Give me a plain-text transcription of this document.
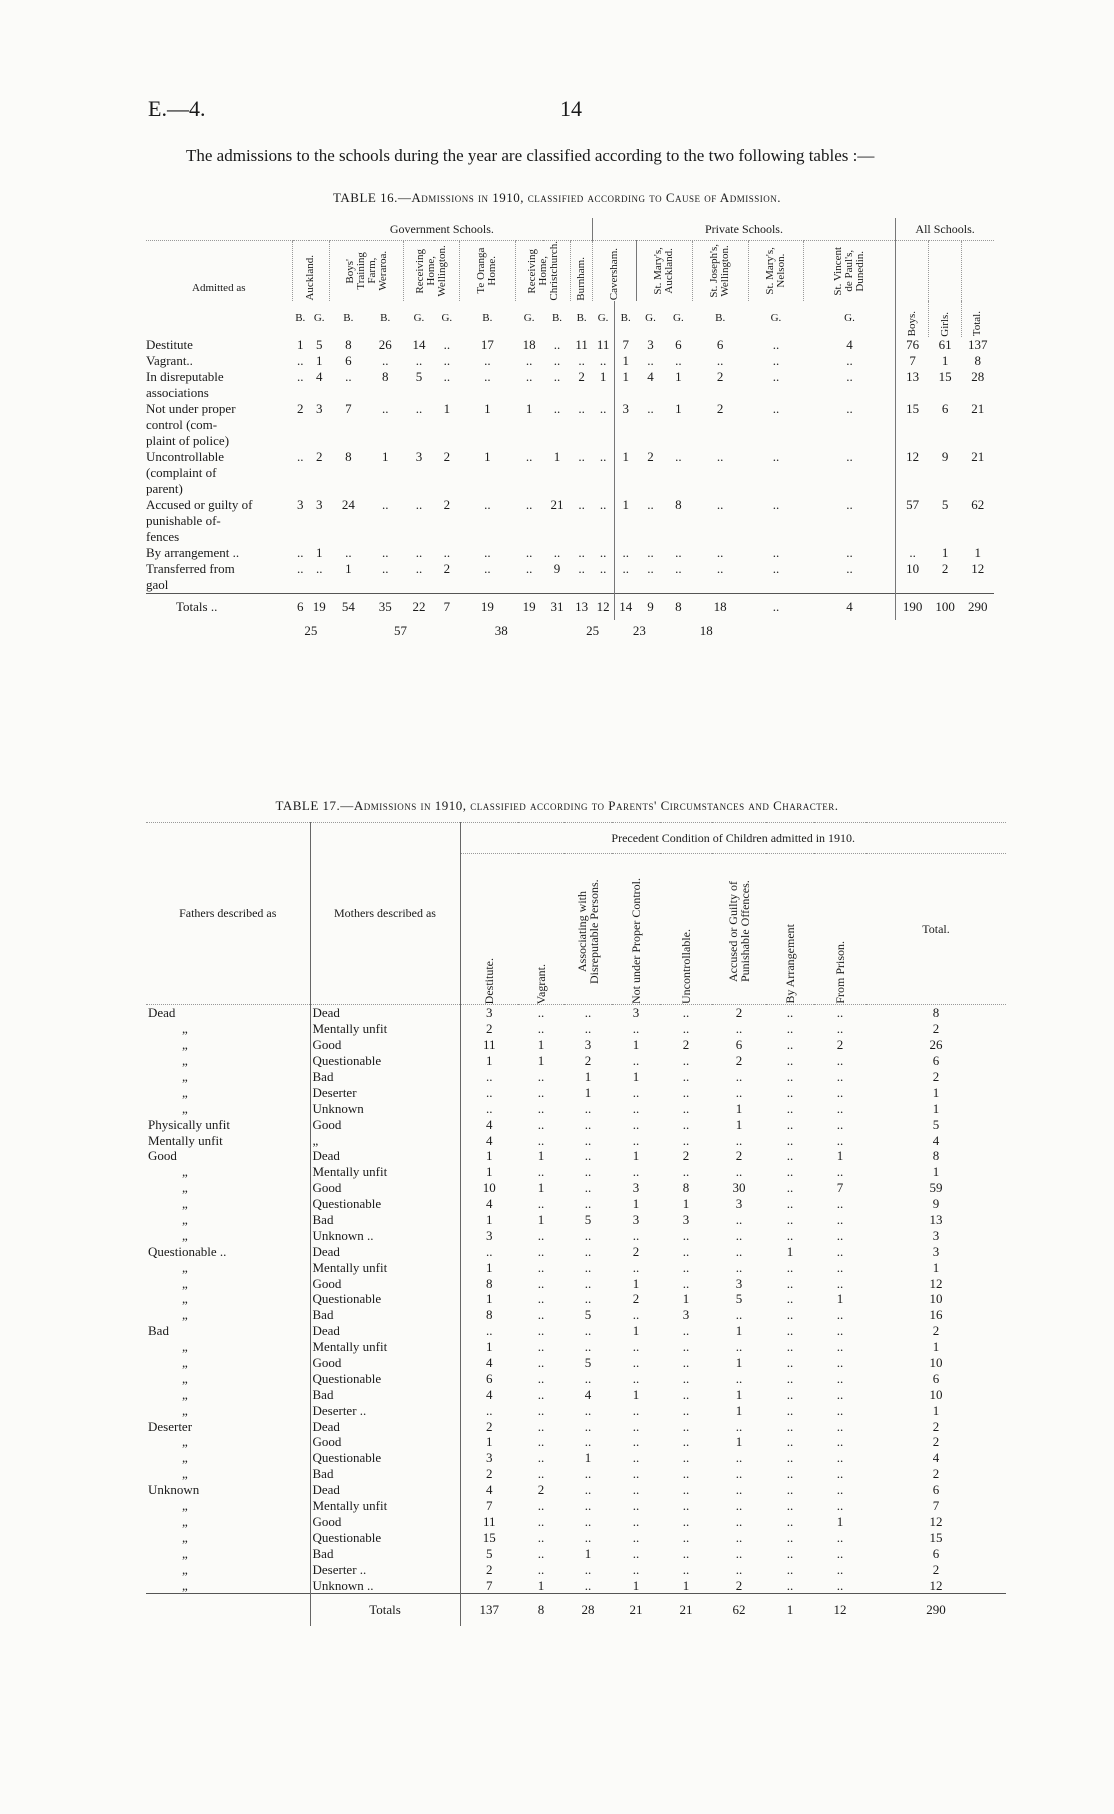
E.—4.	14
The admissions to the schools during the year are classified according to the two following tables :—
TABLE 16.—Admissions in 1910, classified according to Cause of Admission.
	Government Schools.										Private Schools.							All Schools.		
Admitted as	Auckland.		Boys' Training Farm, Weraroa.		Receiving Home, Wellington.		Te Oranga Home.	Receiving Home, Christchurch.		Burnham.	Caversham.		St. Mary's, Auckland.		St. Joseph's, Wellington.	St. Mary's, Nelson.	St. Vincent de Paul's, Dunedin.	Boys.	Girls.	Total.

	B.	G.	B.	B.	G.	G.	B.	G.	B.	B.	G.	B.	G.	G.	B.	G.	G.			
Destitute	1	5	8	26	14	..	17	18	..	11	11	7	3	6	6	..	4	76	61	137
Vagrant..	..	1	6	..	..	..	..	..	..	..	..	1	..	..	..	..	..	7	1	8
In disreputable	..	4	..	8	5	..	..	..	..	2	1	1	4	1	2	..	..	13	15	28
associations																				
Not under proper	2	3	7	..	..	1	1	1	..	..	..	3	..	1	2	..	..	15	6	21
control (com-																				
plaint of police)																				
Uncontrollable	..	2	8	1	3	2	1	..	1	..	..	1	2	..	..	..	..	12	9	21
(complaint of																				
parent)																				
Accused or guilty of	3	3	24	..	..	2	..	..	21	..	..	1	..	8	..	..	..	57	5	62
punishable of-																				
fences																				
By arrangement ..	..	1	..	..	..	..	..	..	..	..	..	..	..	..	..	..	..	..	1	1
Transferred from	..	..	1	..	..	2	..	..	9	..	..	..	..	..	..	..	..	10	2	12
gaol																				
Totals ..	6	19	54	35	22	7	19	19	31	13	12	14	9	8	18	..	4	190	100	290
	25			57			38			25		23		18						
TABLE 17.—Admissions in 1910, classified according to Parents' Circumstances and Character.
Fathers described as	Mothers described as	Precedent Condition of Children admitted in 1910.								

		Destitute.	Vagrant.	Associating with Disreputable Persons.	Not under Proper Control.	Uncontrollable.	Accused or Guilty of Punishable Offences.	By Arrangement	From Prison.	Total.
Dead	Dead	3	..	..	3	..	2	..	..	8
„	Mentally unfit	2	..	..	..	..	..	..	..	2
„	Good	11	1	3	1	2	6	..	2	26
„	Questionable	1	1	2	..	..	2	..	..	6
„	Bad	..	..	1	1	..	..	..	..	2
„	Deserter	..	..	1	..	..	..	..	..	1
„	Unknown	..	..	..	..	..	1	..	..	1
Physically unfit	Good	4	..	..	..	..	1	..	..	5
Mentally unfit	„	4	..	..	..	..	..	..	..	4
Good	Dead	1	1	..	1	2	2	..	1	8
„	Mentally unfit	1	..	..	..	..	..	..	..	1
„	Good	10	1	..	3	8	30	..	7	59
„	Questionable	4	..	..	1	1	3	..	..	9
„	Bad	1	1	5	3	3	..	..	..	13
„	Unknown ..	3	..	..	..	..	..	..	..	3
Questionable ..	Dead	..	..	..	2	..	..	1	..	3
„	Mentally unfit	1	..	..	..	..	..	..	..	1
„	Good	8	..	..	1	..	3	..	..	12
„	Questionable	1	..	..	2	1	5	..	1	10
„	Bad	8	..	5	..	3	..	..	..	16
Bad	Dead	..	..	..	1	..	1	..	..	2
„	Mentally unfit	1	..	..	..	..	..	..	..	1
„	Good	4	..	5	..	..	1	..	..	10
„	Questionable	6	..	..	..	..	..	..	..	6
„	Bad	4	..	4	1	..	1	..	..	10
„	Deserter ..	..	..	..	..	..	1	..	..	1
Deserter	Dead	2	..	..	..	..	..	..	..	2
„	Good	1	..	..	..	..	1	..	..	2
„	Questionable	3	..	1	..	..	..	..	..	4
„	Bad	2	..	..	..	..	..	..	..	2
Unknown	Dead	4	2	..	..	..	..	..	..	6
„	Mentally unfit	7	..	..	..	..	..	..	..	7
„	Good	11	..	..	..	..	..	..	1	12
„	Questionable	15	..	..	..	..	..	..	..	15
„	Bad	5	..	1	..	..	..	..	..	6
„	Deserter ..	2	..	..	..	..	..	..	..	2
„	Unknown ..	7	1	..	1	1	2	..	..	12
	Totals	137	8	28	21	21	62	1	12	290
